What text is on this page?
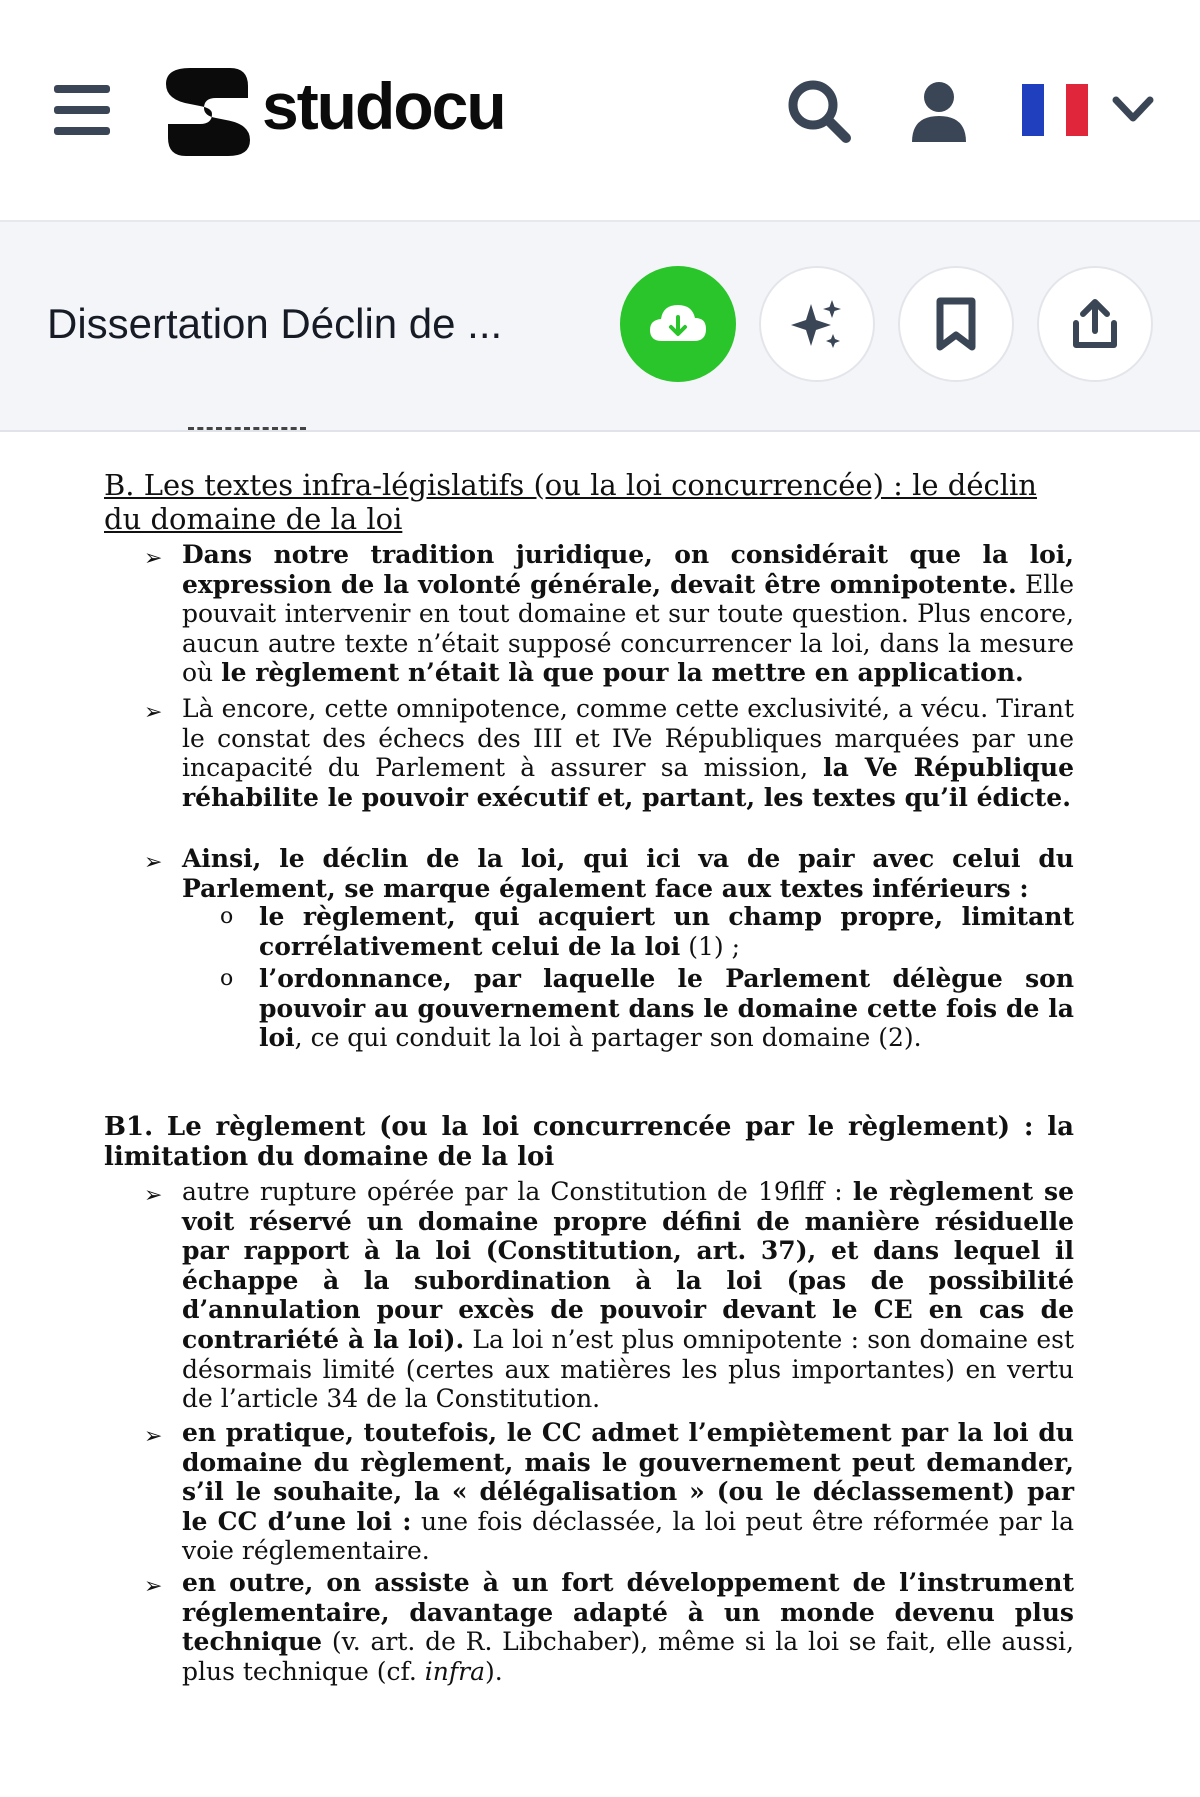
studocu
Dissertation Déclin de ...
B. Les textes infra-législatifs (ou la loi concurrencée) : le déclin du domaine de la loi
➢ Dans notre tradition juridique, on considérait que la loi, expression de la volonté générale, devait être omnipotente. Elle pouvait intervenir en tout domaine et sur toute question. Plus encore, aucun autre texte n’était supposé concurrencer la loi, dans la mesure où le règlement n’était là que pour la mettre en application.

➢ Là encore, cette omnipotence, comme cette exclusivité, a vécu. Tirant le constat des échecs des III et IVe Républiques marquées par une incapacité du Parlement à assurer sa mission, la Ve République réhabilite le pouvoir exécutif et, partant, les textes qu’il édicte.

➢ Ainsi, le déclin de la loi, qui ici va de pair avec celui du Parlement, se marque également face aux textes inférieurs :

o le règlement, qui acquiert un champ propre, limitant corrélativement celui de la loi (1) ;

o l’ordonnance, par laquelle le Parlement délègue son pouvoir au gouvernement dans le domaine cette fois de la loi, ce qui conduit la loi à partager son domaine (2).

B1. Le règlement (ou la loi concurrencée par le règlement) : la limitation du domaine de la loi
➢ autre rupture opérée par la Constitution de 19flff : le règlement se voit réservé un domaine propre défini de manière résiduelle par rapport à la loi (Constitution, art. 37), et dans lequel il échappe à la subordination à la loi (pas de possibilité d’annulation pour excès de pouvoir devant le CE en cas de contrariété à la loi). La loi n’est plus omnipotente : son domaine est désormais limité (certes aux matières les plus importantes) en vertu de l’article 34 de la Constitution.

➢ en pratique, toutefois, le CC admet l’empiètement par la loi du domaine du règlement, mais le gouvernement peut demander, s’il le souhaite, la « délégalisation » (ou le déclassement) par le CC d’une loi : une fois déclassée, la loi peut être réformée par la voie réglementaire.

➢ en outre, on assiste à un fort développement de l’instrument réglementaire, davantage adapté à un monde devenu plus technique (v. art. de R. Libchaber), même si la loi se fait, elle aussi, plus technique (cf. infra).
